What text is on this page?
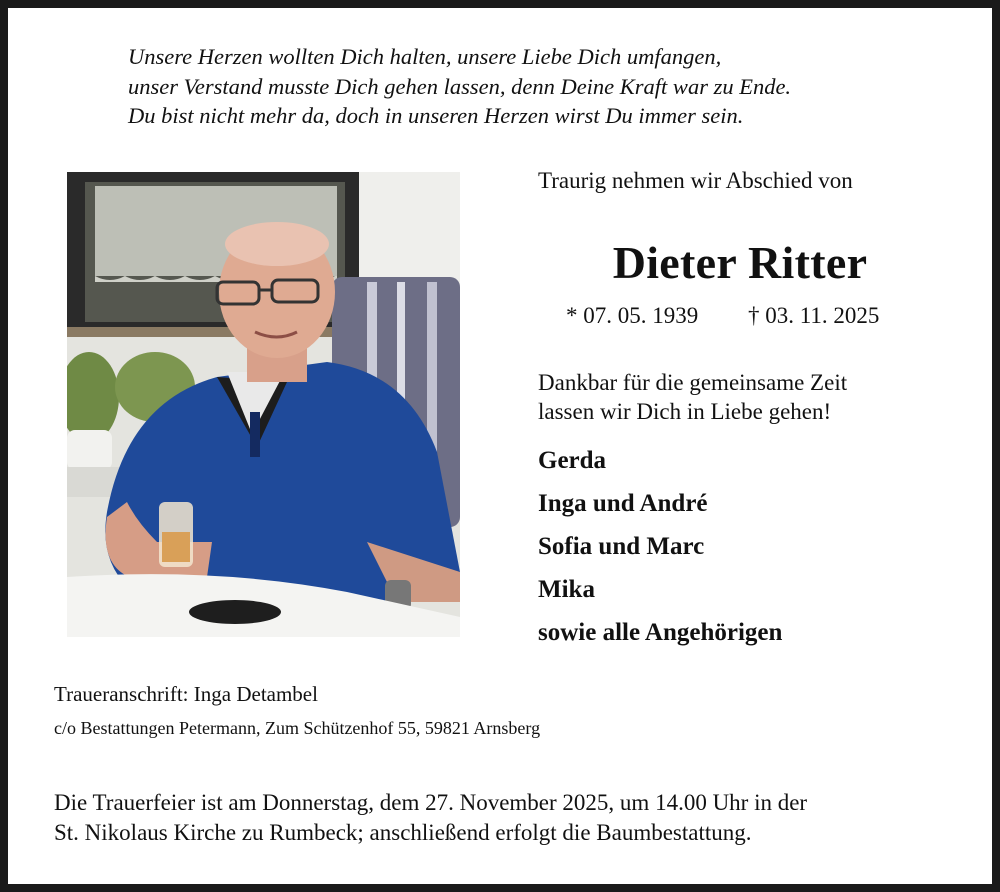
Unsere Herzen wollten Dich halten, unsere Liebe Dich umfangen,
unser Verstand musste Dich gehen lassen, denn Deine Kraft war zu Ende.
Du bist nicht mehr da, doch in unseren Herzen wirst Du immer sein.
Traurig nehmen wir Abschied von
Dieter Ritter
* 07. 05. 1939 † 03. 11. 2025
Dankbar für die gemeinsame Zeit
lassen wir Dich in Liebe gehen!
Gerda
Inga und André
Sofia und Marc
Mika
sowie alle Angehörigen
Traueranschrift: Inga Detambel
c/o Bestattungen Petermann, Zum Schützenhof 55, 59821 Arnsberg
Die Trauerfeier ist am Donnerstag, dem 27. November 2025, um 14.00 Uhr in der
St. Nikolaus Kirche zu Rumbeck; anschließend erfolgt die Baumbestattung.
